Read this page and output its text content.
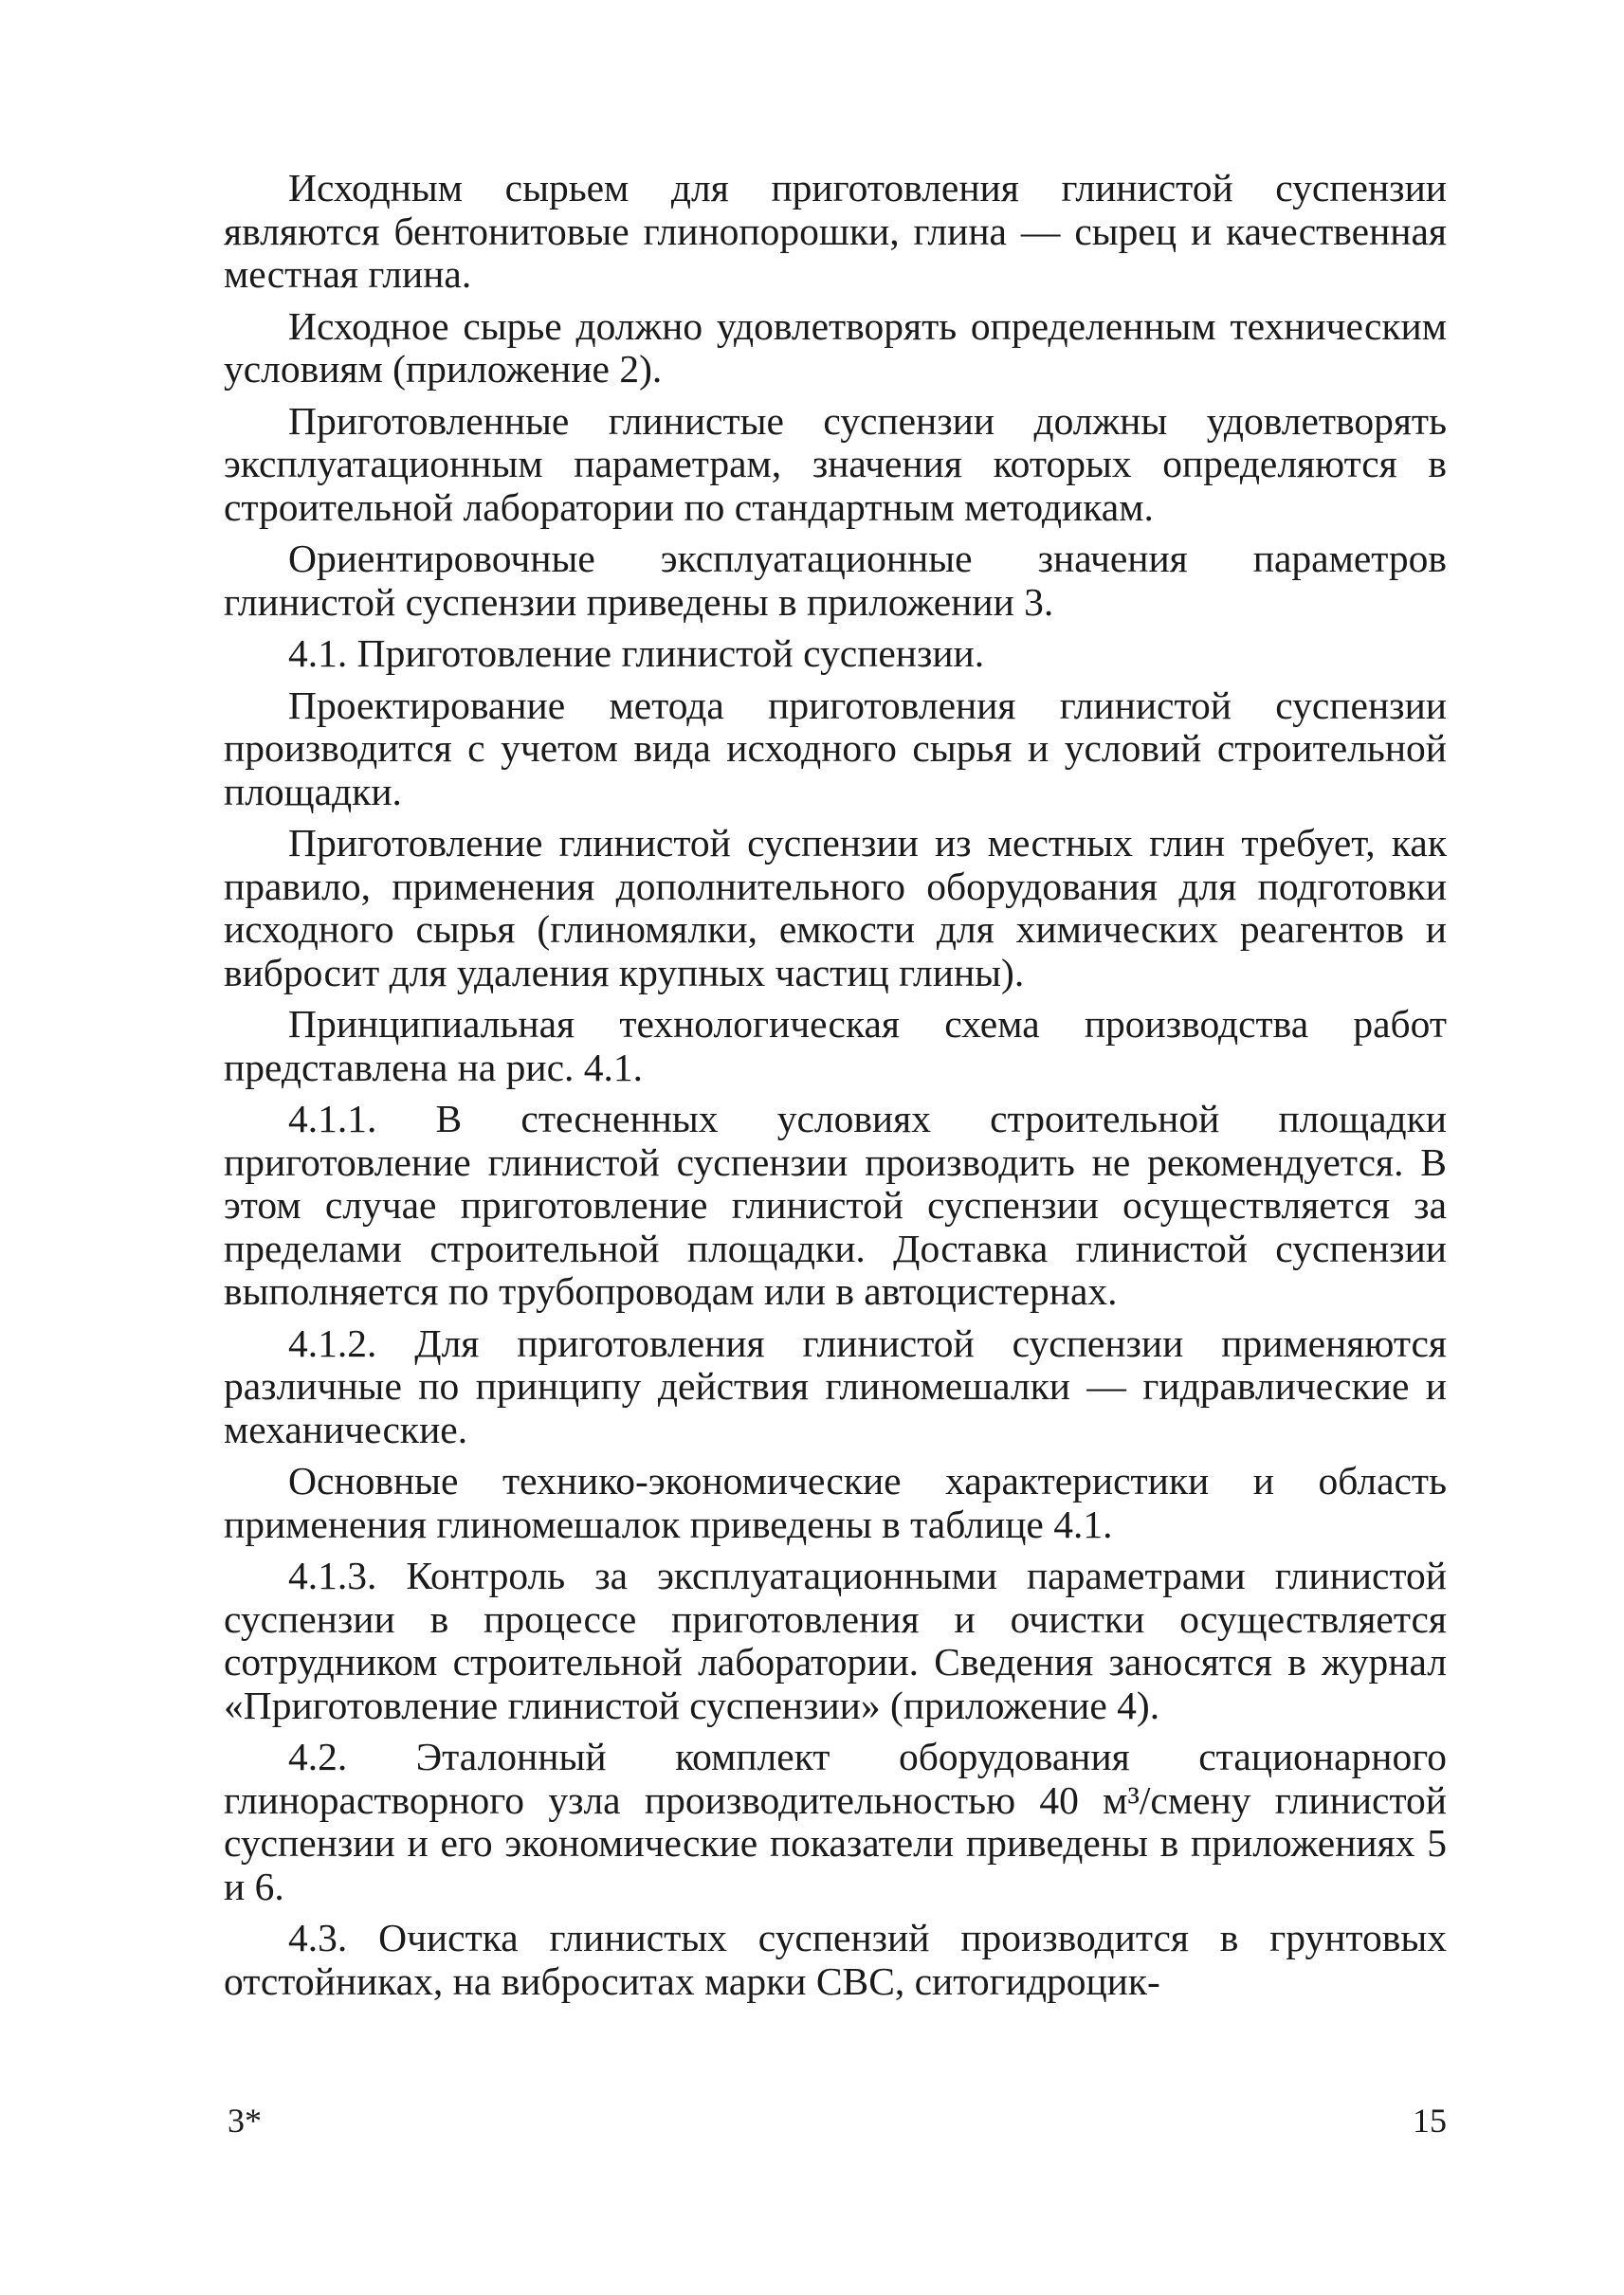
Исходным сырьем для приготовления глинистой суспензии являются бентонитовые глинопорошки, глина — сырец и качественная местная глина.

Исходное сырье должно удовлетворять определенным техническим условиям (приложение 2).

Приготовленные глинистые суспензии должны удовлетворять эксплуатационным параметрам, значения которых определяются в строительной лаборатории по стандартным методикам.

Ориентировочные эксплуатационные значения параметров глинистой суспензии приведены в приложении 3.

4.1. Приготовление глинистой суспензии.

Проектирование метода приготовления глинистой суспензии производится с учетом вида исходного сырья и условий строительной площадки.

Приготовление глинистой суспензии из местных глин требует, как правило, применения дополнительного оборудования для подготовки исходного сырья (глиномялки, емкости для химических реагентов и вибросит для удаления крупных частиц глины).

Принципиальная технологическая схема производства работ представлена на рис. 4.1.

4.1.1. В стесненных условиях строительной площадки приготовление глинистой суспензии производить не рекомендуется. В этом случае приготовление глинистой суспензии осуществляется за пределами строительной площадки. Доставка глинистой суспензии выполняется по трубопроводам или в автоцистернах.

4.1.2. Для приготовления глинистой суспензии применяются различные по принципу действия глиномешалки — гидравлические и механические.

Основные технико-экономические характеристики и область применения глиномешалок приведены в таблице 4.1.

4.1.3. Контроль за эксплуатационными параметрами глинистой суспензии в процессе приготовления и очистки осуществляется сотрудником строительной лаборатории. Сведения заносятся в журнал «Приготовление глинистой суспензии» (приложение 4).

4.2. Эталонный комплект оборудования стационарного глинорастворного узла производительностью 40 м³/смену глинистой суспензии и его экономические показатели приведены в приложениях 5 и 6.

4.3. Очистка глинистых суспензий производится в грунтовых отстойниках, на виброситах марки СВС, ситогидроцик-

3*	15
